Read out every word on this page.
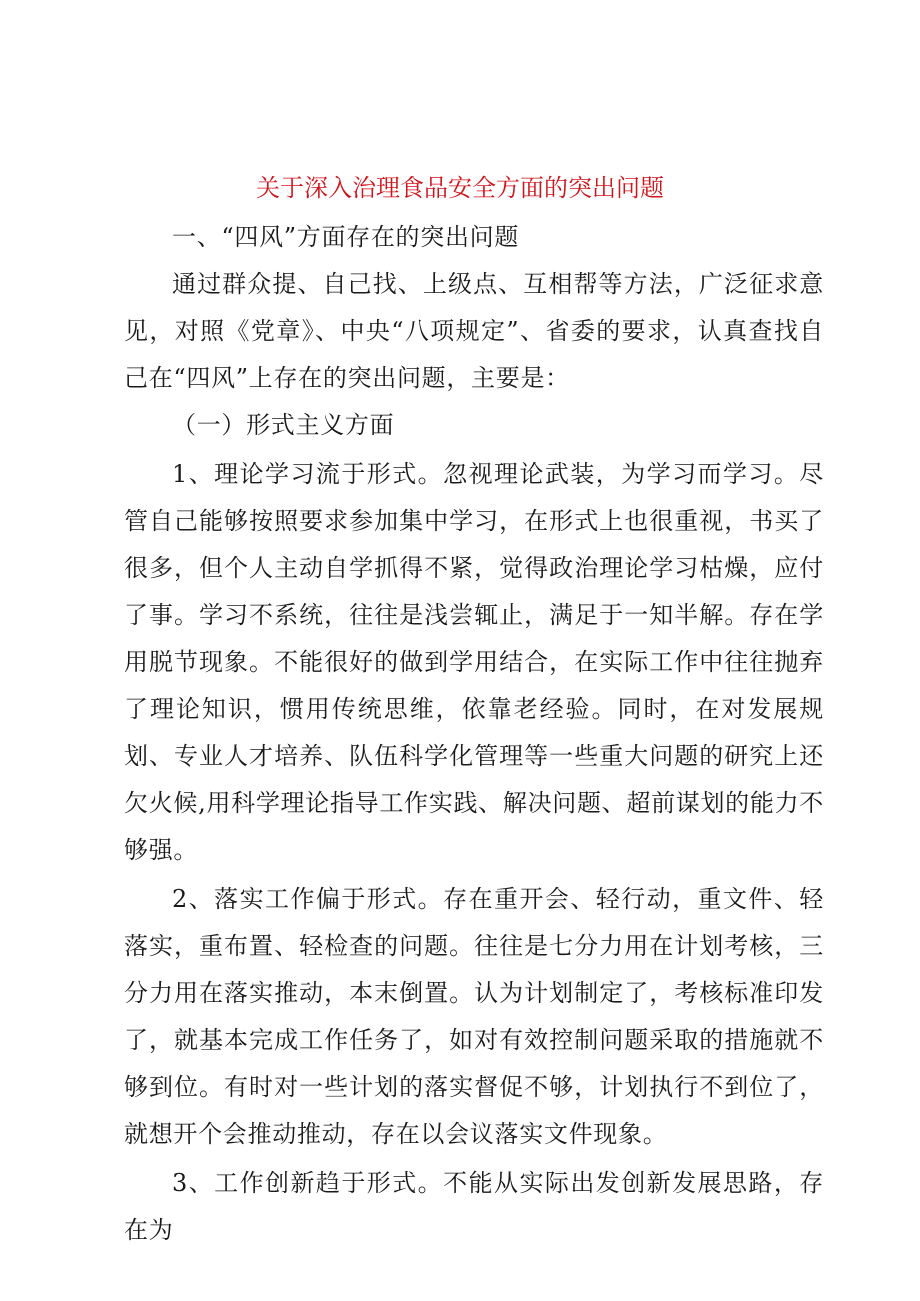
关于深入治理食品安全方面的突出问题

一、“四风”方面存在的突出问题

通过群众提、自己找、上级点、互相帮等方法，广泛征求意见，对照《党章》、中央“八项规定”、省委的要求，认真查找自己在“四风”上存在的突出问题，主要是：

（一）形式主义方面

1、理论学习流于形式。忽视理论武装，为学习而学习。尽管自己能够按照要求参加集中学习，在形式上也很重视，书买了很多，但个人主动自学抓得不紧，觉得政治理论学习枯燥，应付了事。学习不系统，往往是浅尝辄止，满足于一知半解。存在学用脱节现象。不能很好的做到学用结合，在实际工作中往往抛弃了理论知识，惯用传统思维，依靠老经验。同时，在对发展规划、专业人才培养、队伍科学化管理等一些重大问题的研究上还欠火候,用科学理论指导工作实践、解决问题、超前谋划的能力不够强。

2、落实工作偏于形式。存在重开会、轻行动，重文件、轻落实，重布置、轻检查的问题。往往是七分力用在计划考核，三分力用在落实推动，本末倒置。认为计划制定了，考核标准印发了，就基本完成工作任务了，如对有效控制问题采取的措施就不够到位。有时对一些计划的落实督促不够，计划执行不到位了，就想开个会推动推动，存在以会议落实文件现象。

3、工作创新趋于形式。不能从实际出发创新发展思路，存在为
